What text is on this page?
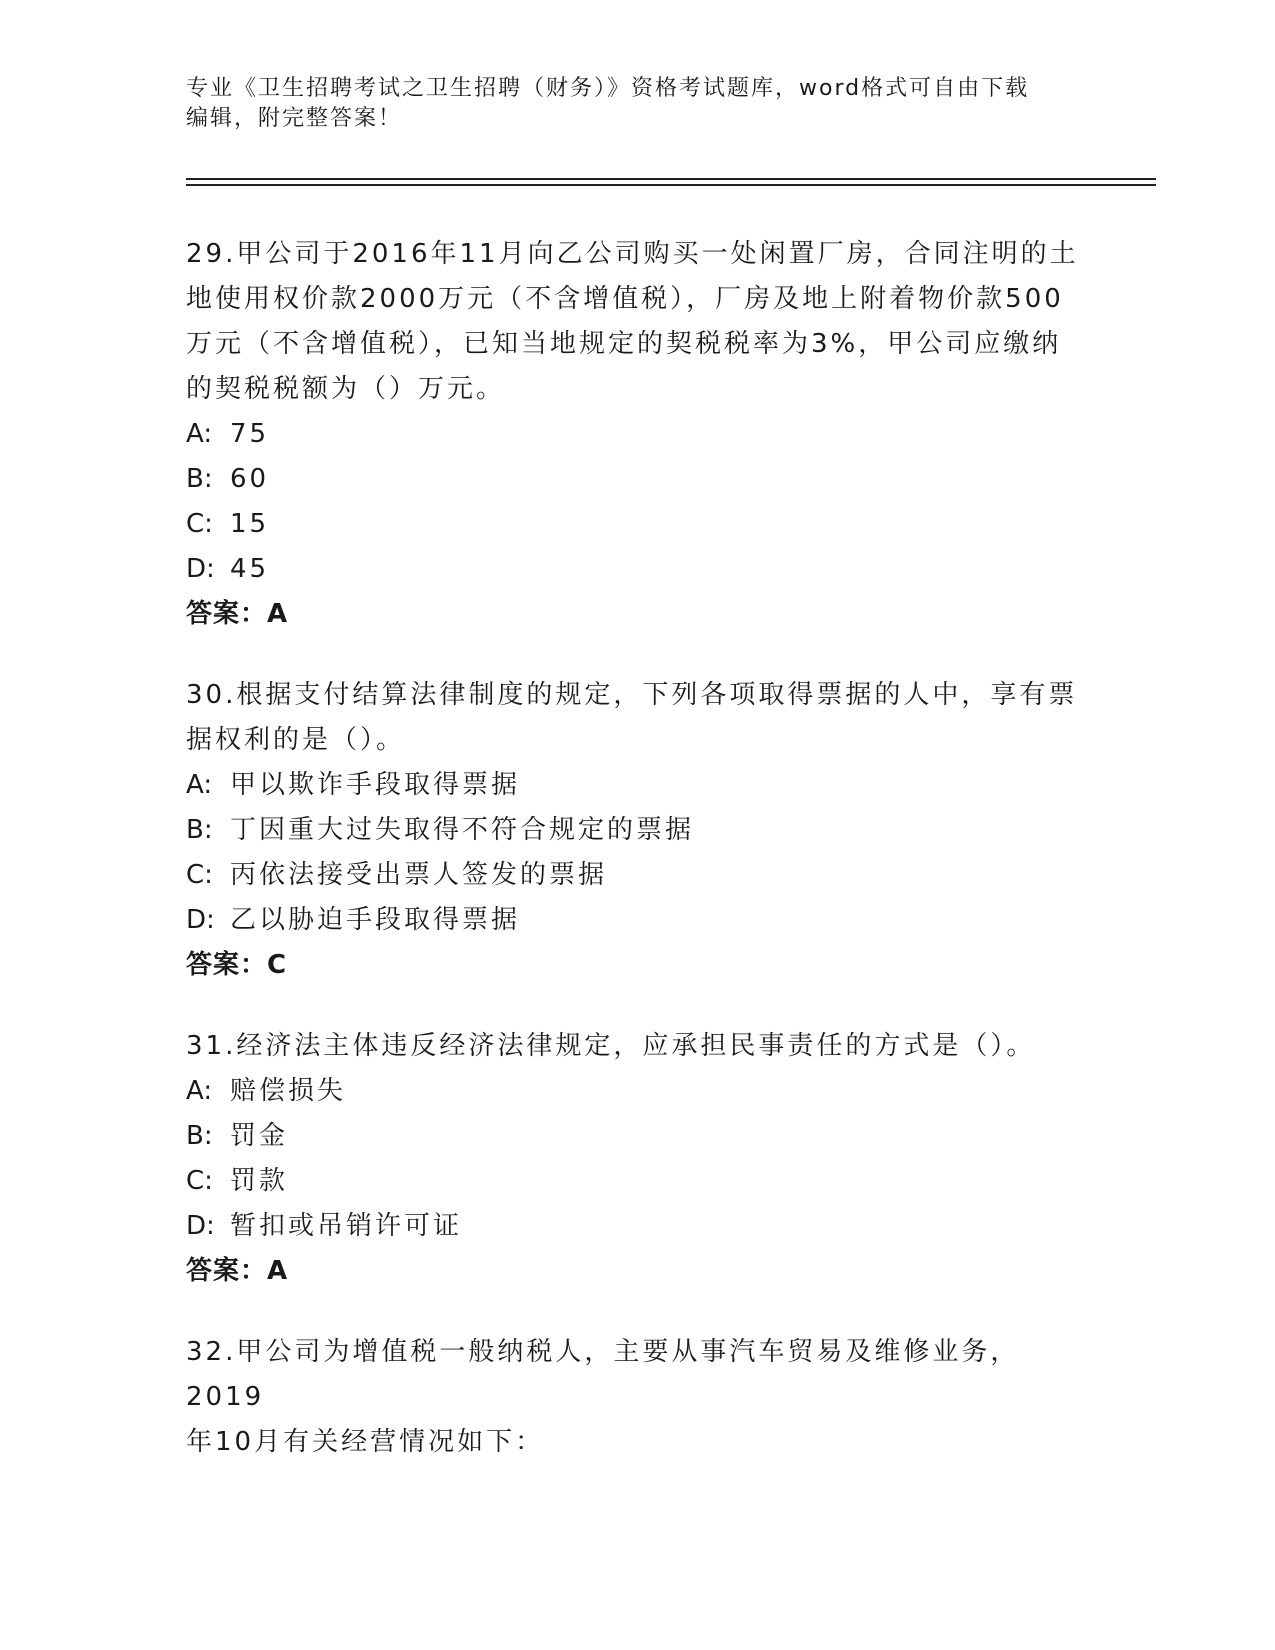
专业《卫生招聘考试之卫生招聘（财务）》资格考试题库，word格式可自由下载
编辑，附完整答案！
29.甲公司于2016年11月向乙公司购买一处闲置厂房，合同注明的土
地使用权价款2000万元（不含增值税），厂房及地上附着物价款500
万元（不含增值税），已知当地规定的契税税率为3%，甲公司应缴纳
的契税税额为（）万元。
A: 75
B: 60
C: 15
D: 45
答案：A
30.根据支付结算法律制度的规定，下列各项取得票据的人中，享有票
据权利的是（）。
A: 甲以欺诈手段取得票据
B: 丁因重大过失取得不符合规定的票据
C: 丙依法接受出票人签发的票据
D: 乙以胁迫手段取得票据
答案：C
31.经济法主体违反经济法律规定，应承担民事责任的方式是（）。
A: 赔偿损失
B: 罚金
C: 罚款
D: 暂扣或吊销许可证
答案：A
32.甲公司为增值税一般纳税人，主要从事汽车贸易及维修业务，2019
年10月有关经营情况如下：
